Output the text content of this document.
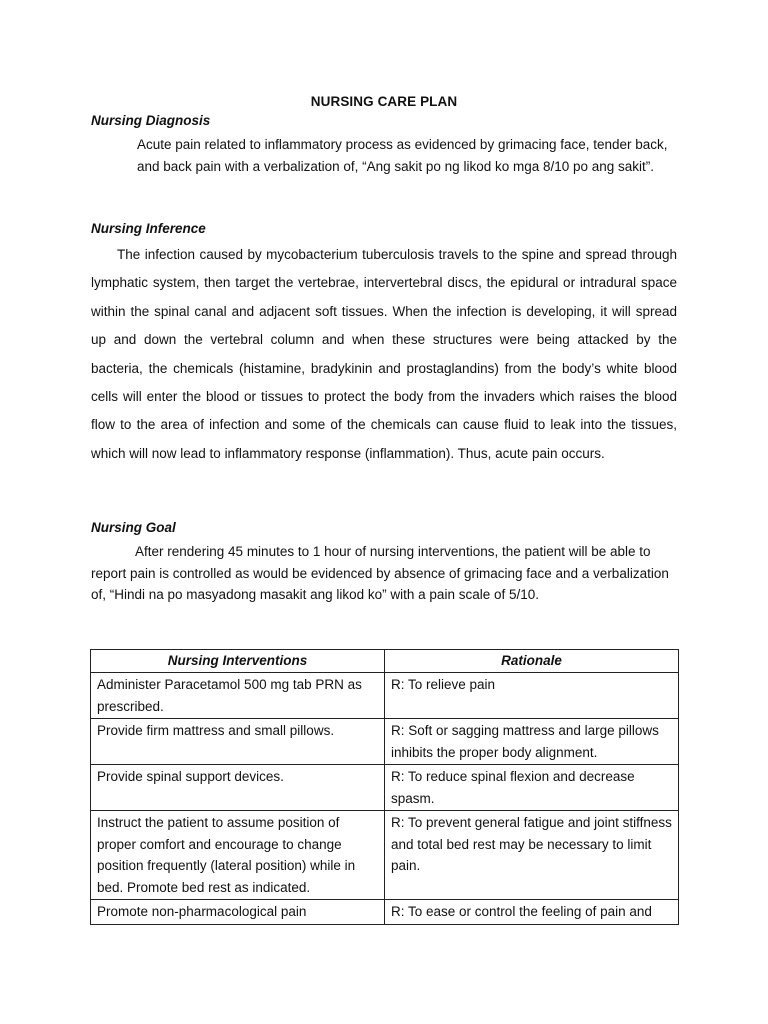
NURSING CARE PLAN
Nursing Diagnosis

Acute pain related to inflammatory process as evidenced by grimacing face, tender back, and back pain with a verbalization of, “Ang sakit po ng likod ko mga 8/10 po ang sakit”.

Nursing Inference

The infection caused by mycobacterium tuberculosis travels to the spine and spread through lymphatic system, then target the vertebrae, intervertebral discs, the epidural or intradural space within the spinal canal and adjacent soft tissues. When the infection is developing, it will spread up and down the vertebral column and when these structures were being attacked by the bacteria, the chemicals (histamine, bradykinin and prostaglandins) from the body’s white blood cells will enter the blood or tissues to protect the body from the invaders which raises the blood flow to the area of infection and some of the chemicals can cause fluid to leak into the tissues, which will now lead to inflammatory response (inflammation). Thus, acute pain occurs.

Nursing Goal

After rendering 45 minutes to 1 hour of nursing interventions, the patient will be able to report pain is controlled as would be evidenced by absence of grimacing face and a verbalization of, “Hindi na po masyadong masakit ang likod ko” with a pain scale of 5/10.

Nursing Interventions	Rationale
Administer Paracetamol 500 mg tab PRN as prescribed.	R: To relieve pain
Provide firm mattress and small pillows.	R: Soft or sagging mattress and large pillows inhibits the proper body alignment.
Provide spinal support devices.	R: To reduce spinal flexion and decrease spasm.
Instruct the patient to assume position of proper comfort and encourage to change position frequently (lateral position) while in bed. Promote bed rest as indicated.	R: To prevent general fatigue and joint stiffness and total bed rest may be necessary to limit pain.
Promote non-pharmacological pain	R: To ease or control the feeling of pain and
